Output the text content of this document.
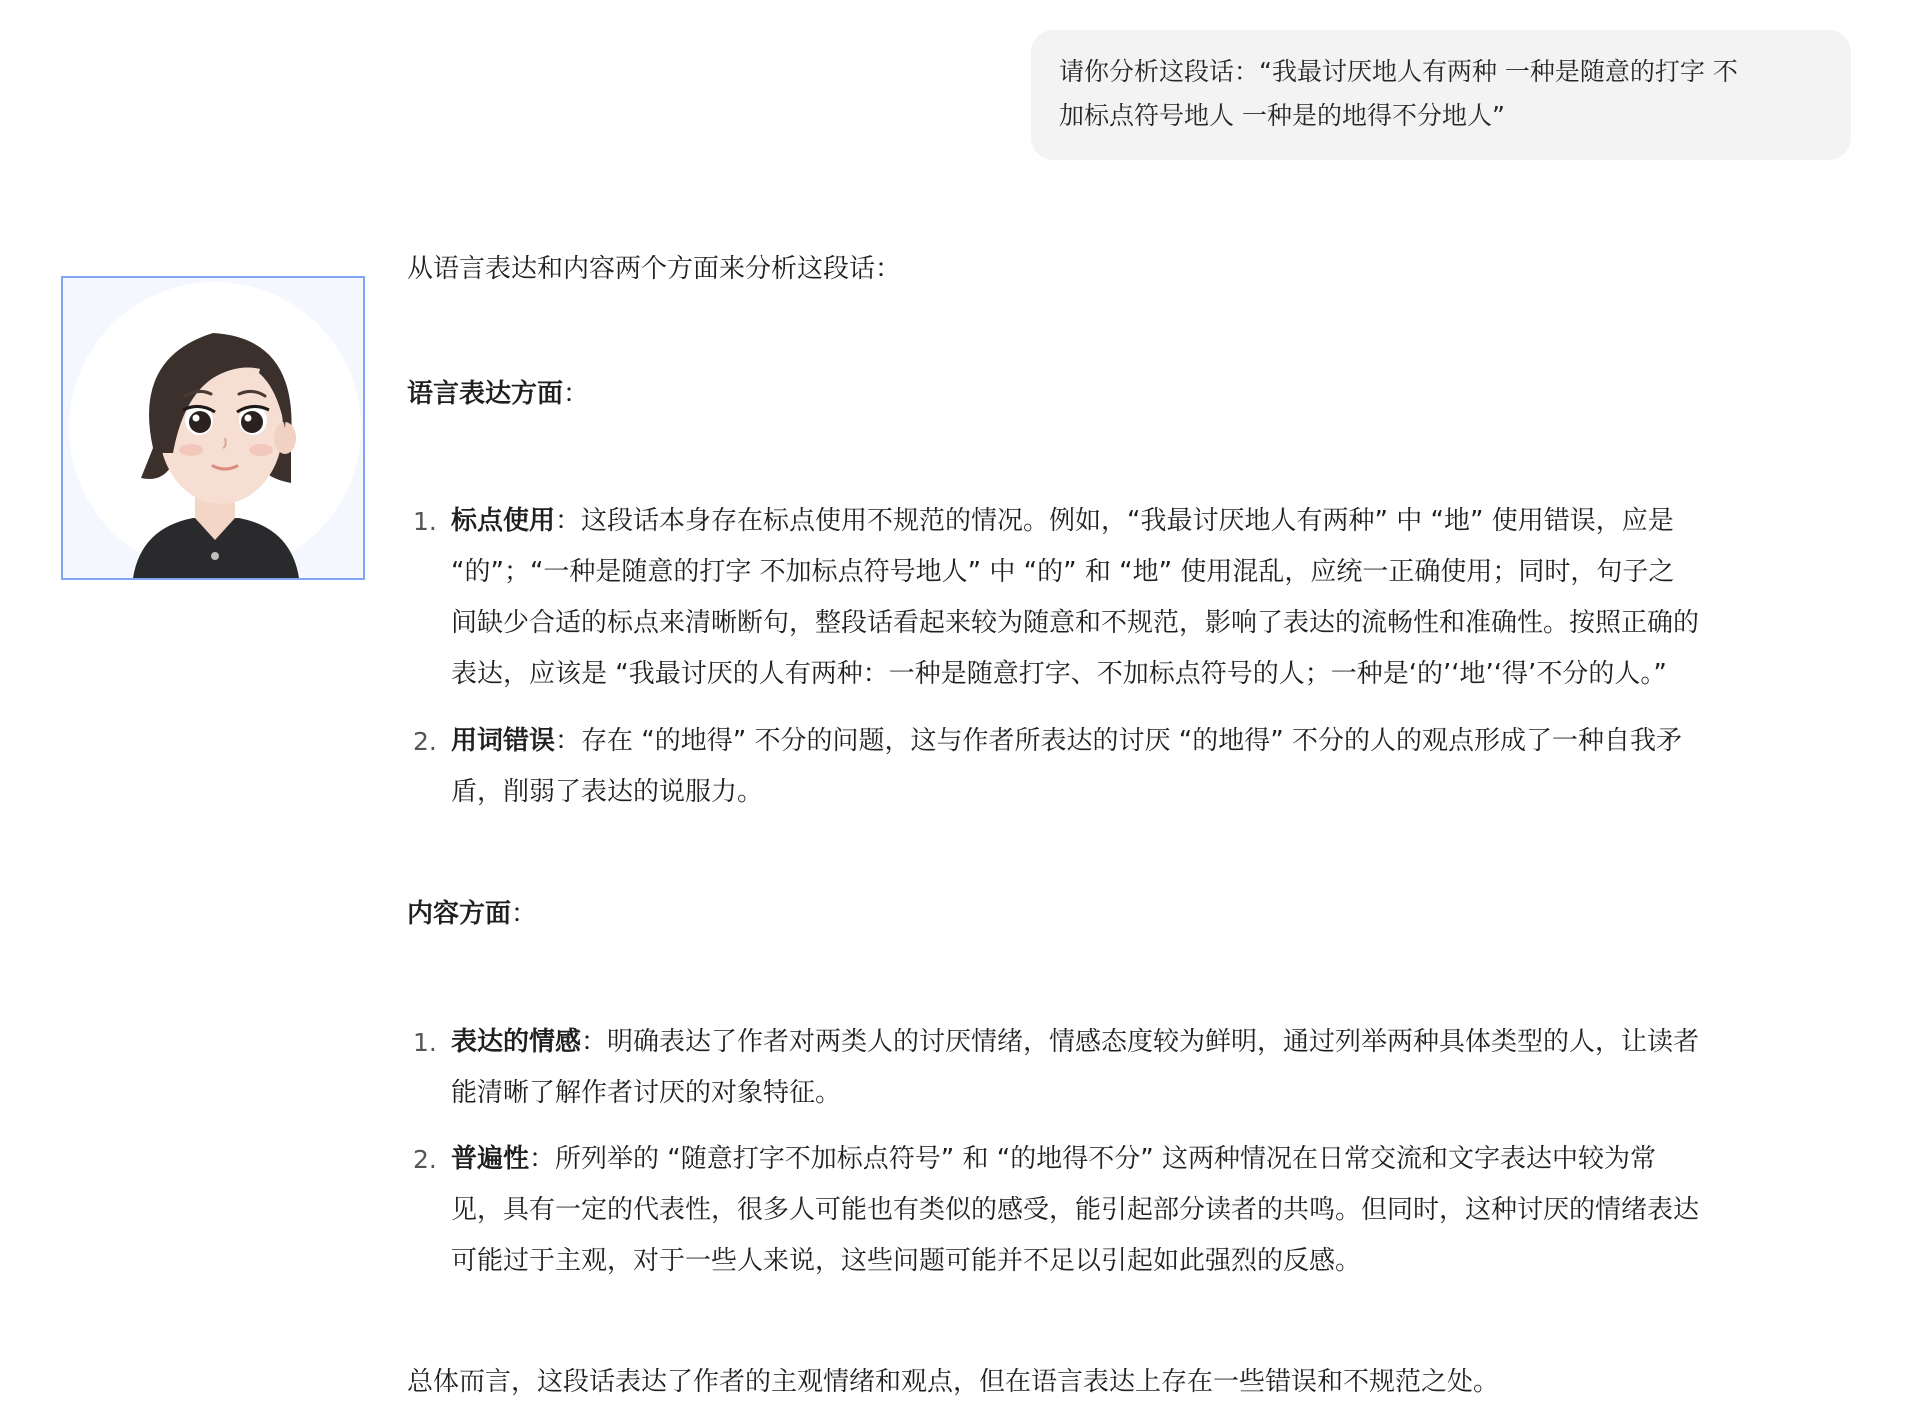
请你分析这段话：“我最讨厌地人有两种 一种是随意的打字 不
加标点符号地人 一种是的地得不分地人”
从语言表达和内容两个方面来分析这段话：
语言表达方面：
1. 标点使用：这段话本身存在标点使用不规范的情况。例如，“我最讨厌地人有两种” 中 “地” 使用错误，应是
“的”；“一种是随意的打字 不加标点符号地人” 中 “的” 和 “地” 使用混乱，应统一正确使用；同时，句子之
间缺少合适的标点来清晰断句，整段话看起来较为随意和不规范，影响了表达的流畅性和准确性。按照正确的
表达，应该是 “我最讨厌的人有两种：一种是随意打字、不加标点符号的人；一种是‘的’‘地’‘得’不分的人。”
2. 用词错误：存在 “的地得” 不分的问题，这与作者所表达的讨厌 “的地得” 不分的人的观点形成了一种自我矛
盾，削弱了表达的说服力。
内容方面：
1. 表达的情感：明确表达了作者对两类人的讨厌情绪，情感态度较为鲜明，通过列举两种具体类型的人，让读者
能清晰了解作者讨厌的对象特征。
2. 普遍性：所列举的 “随意打字不加标点符号” 和 “的地得不分” 这两种情况在日常交流和文字表达中较为常
见，具有一定的代表性，很多人可能也有类似的感受，能引起部分读者的共鸣。但同时，这种讨厌的情绪表达
可能过于主观，对于一些人来说，这些问题可能并不足以引起如此强烈的反感。
总体而言，这段话表达了作者的主观情绪和观点，但在语言表达上存在一些错误和不规范之处。
